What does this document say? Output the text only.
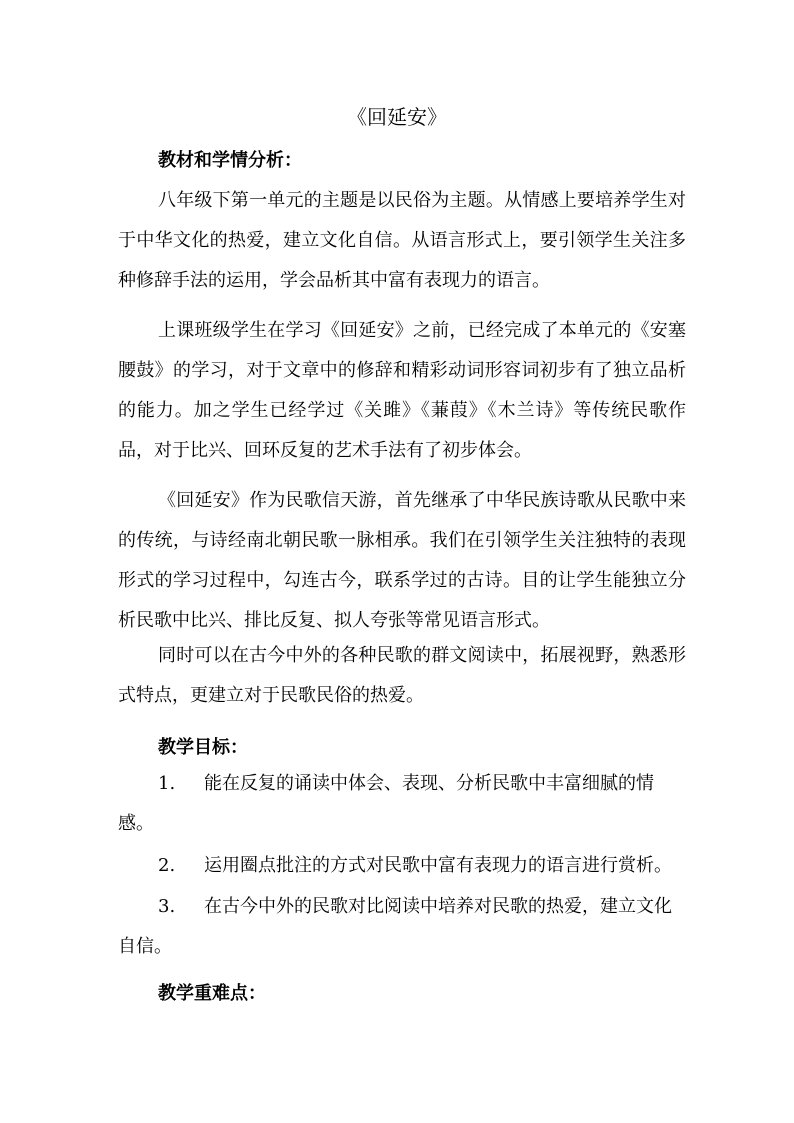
《回延安》
教材和学情分析：
八年级下第一单元的主题是以民俗为主题。从情感上要培养学生对于中华文化的热爱，建立文化自信。从语言形式上，要引领学生关注多种修辞手法的运用，学会品析其中富有表现力的语言。
上课班级学生在学习《回延安》之前，已经完成了本单元的《安塞腰鼓》的学习，对于文章中的修辞和精彩动词形容词初步有了独立品析的能力。加之学生已经学过《关雎》《蒹葭》《木兰诗》等传统民歌作品，对于比兴、回环反复的艺术手法有了初步体会。
《回延安》作为民歌信天游，首先继承了中华民族诗歌从民歌中来的传统，与诗经南北朝民歌一脉相承。我们在引领学生关注独特的表现形式的学习过程中，勾连古今，联系学过的古诗。目的让学生能独立分析民歌中比兴、排比反复、拟人夸张等常见语言形式。
同时可以在古今中外的各种民歌的群文阅读中，拓展视野，熟悉形式特点，更建立对于民歌民俗的热爱。
教学目标：
1. 能在反复的诵读中体会、表现、分析民歌中丰富细腻的情感。
2. 运用圈点批注的方式对民歌中富有表现力的语言进行赏析。
3. 在古今中外的民歌对比阅读中培养对民歌的热爱，建立文化自信。
教学重难点：
